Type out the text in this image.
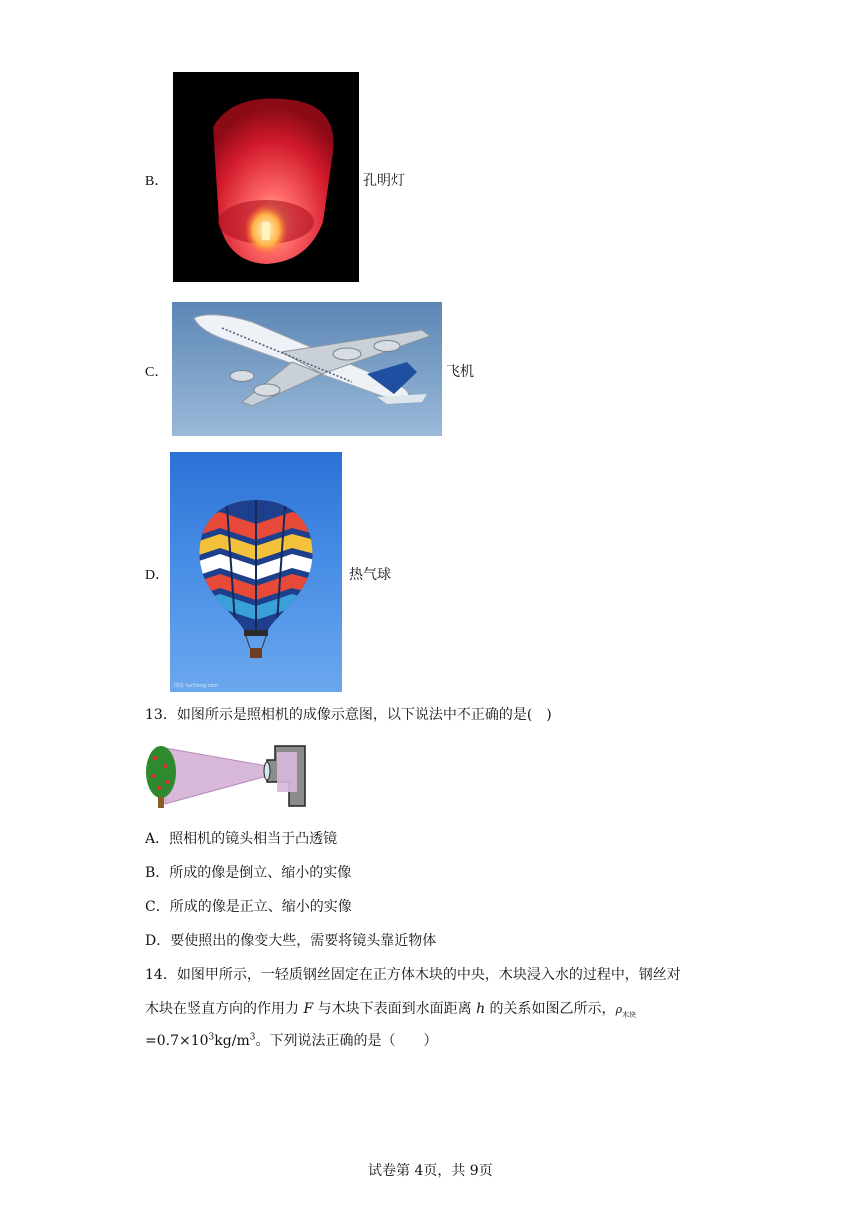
B．	孔明灯
C．	飞机
D．
图虫 tuchong.com
热气球
13．如图所示是照相机的成像示意图，以下说法中不正确的是(　)
A．照相机的镜头相当于凸透镜
B．所成的像是倒立、缩小的实像
C．所成的像是正立、缩小的实像
D．要使照出的像变大些，需要将镜头靠近物体
14．如图甲所示，一轻质钢丝固定在正方体木块的中央，木块浸入水的过程中，钢丝对
木块在竖直方向的作用力 F 与木块下表面到水面距离 h 的关系如图乙所示，$\rho_{木块}$
$=0.7\times 10^3kg/m^3$。下列说法正确的是（　　）
试卷第 4页，共 9页
